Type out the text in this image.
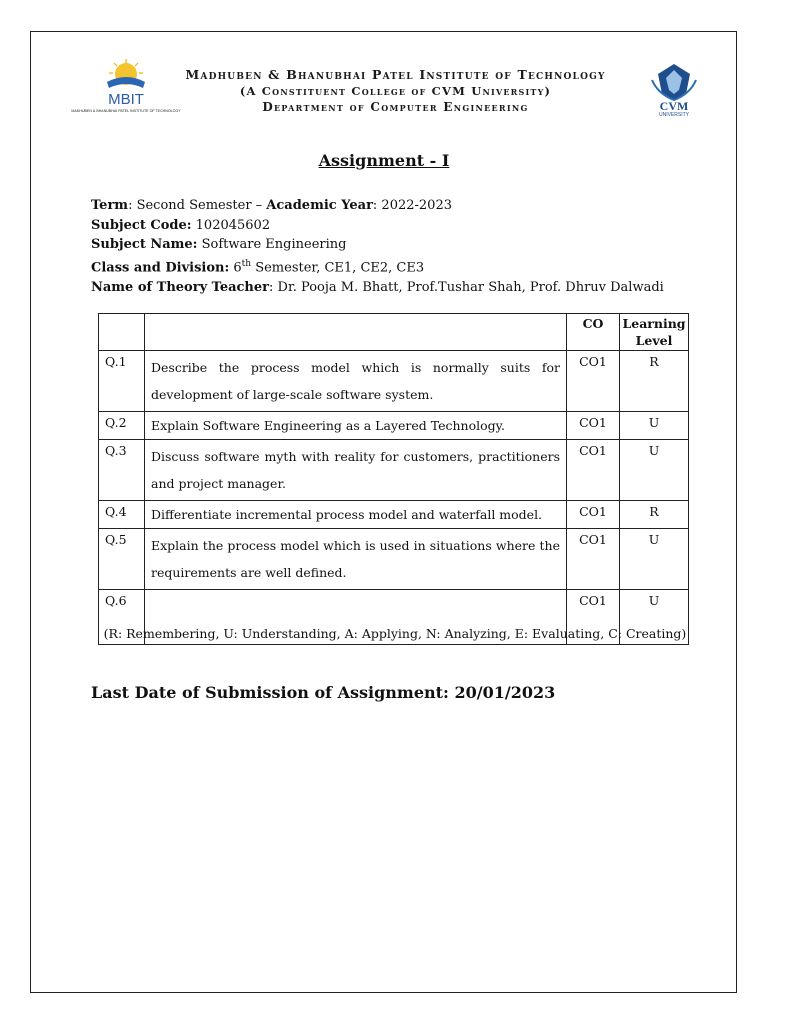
MBIT
MADHUBEN & BHANUBHAI PATEL INSTITUTE OF TECHNOLOGY	CVM
UNIVERSITY
Madhuben & Bhanubhai Patel Institute of Technology
(A Constituent College of CVM University)
Department of Computer Engineering
Assignment - I
Term: Second Semester – Academic Year: 2022-2023
Subject Code: 102045602
Subject Name: Software Engineering
Class and Division: 6th Semester, CE1, CE2, CE3
Name of Theory Teacher: Dr. Pooja M. Bhatt, Prof.Tushar Shah, Prof. Dhruv Dalwadi
		CO	Learning
Level
Q.1	Describe the process model which is normally suits for development of large-scale software system.	CO1	R
Q.2	Explain Software Engineering as a Layered Technology.	CO1	U
Q.3	Discuss software myth with reality for customers, practitioners and project manager.	CO1	U
Q.4	Differentiate incremental process model and waterfall model.	CO1	R
Q.5	Explain the process model which is used in situations where the requirements are well defined.	CO1	U
Q.6		CO1	U
(R: Remembering, U: Understanding, A: Applying, N: Analyzing, E: Evaluating, C: Creating)
Last Date of Submission of Assignment: 20/01/2023
